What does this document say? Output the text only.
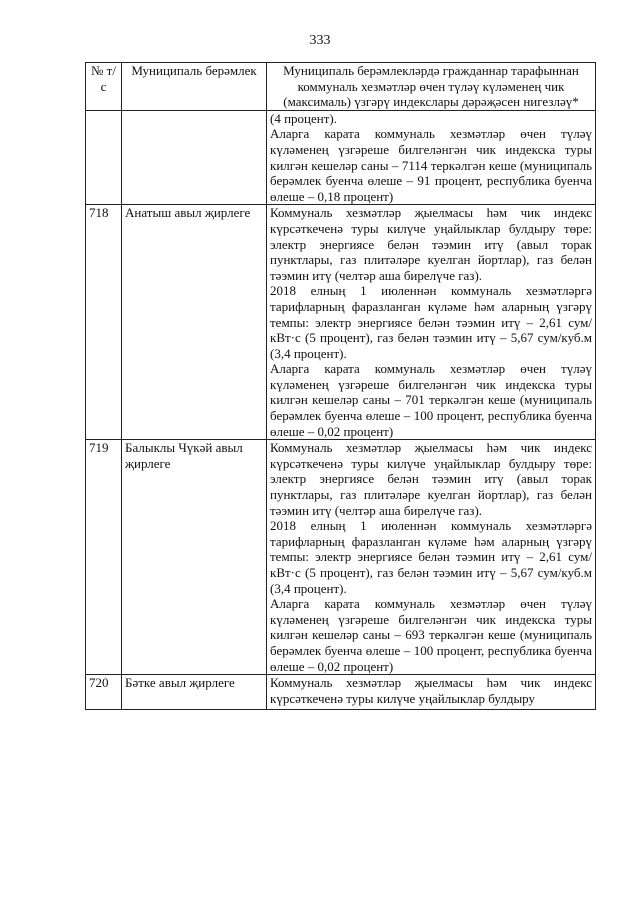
333
№ т/с	Муниципаль берәмлек	Муниципаль берәмлекләрдә гражданнар тарафыннан коммуналь хезмәтләр өчен түләү күләменең чик (максималь) үзгәрү индекслары дәрәҗәсен нигезләү*

		(4 процент).

Аларга карата коммуналь хезмәтләр өчен түләү күләменең үзгәреше билгеләнгән чик индекска туры килгән кешеләр саны – 7114 теркәлгән кеше (муниципаль берәмлек буенча өлеше – 91 процент, республика буенча өлеше – 0,18 процент)

718	Анатыш авыл җирлеге	Коммуналь хезмәтләр җыелмасы һәм чик индекс күрсәткеченә туры килүче уңайлыклар булдыру төре: электр энергиясе белән тәэмин итү (авыл торак пунктлары, газ плитәләре куелган йортлар), газ белән тәэмин итү (челтәр аша бирелүче газ).

2018 елның 1 июленнән коммуналь хезмәтләргә тарифларның фаразланган күләме һәм аларның үзгәрү темпы: электр энергиясе белән тәэмин итү – 2,61 сум/кВт·с (5 процент), газ белән тәэмин итү – 5,67 сум/куб.м (3,4 процент).

Аларга карата коммуналь хезмәтләр өчен түләү күләменең үзгәреше билгеләнгән чик индекска туры килгән кешеләр саны – 701 теркәлгән кеше (муниципаль берәмлек буенча өлеше – 100 процент, республика буенча өлеше – 0,02 процент)

719	Балыклы Чүкәй авыл җирлеге	Коммуналь хезмәтләр җыелмасы һәм чик индекс күрсәткеченә туры килүче уңайлыклар булдыру төре: электр энергиясе белән тәэмин итү (авыл торак пунктлары, газ плитәләре куелган йортлар), газ белән тәэмин итү (челтәр аша бирелүче газ).

2018 елның 1 июленнән коммуналь хезмәтләргә тарифларның фаразланган күләме һәм аларның үзгәрү темпы: электр энергиясе белән тәэмин итү – 2,61 сум/кВт·с (5 процент), газ белән тәэмин итү – 5,67 сум/куб.м (3,4 процент).

Аларга карата коммуналь хезмәтләр өчен түләү күләменең үзгәреше билгеләнгән чик индекска туры килгән кешеләр саны – 693 теркәлгән кеше (муниципаль берәмлек буенча өлеше – 100 процент, республика буенча өлеше – 0,02 процент)

720	Бәтке авыл җирлеге	Коммуналь хезмәтләр җыелмасы һәм чик индекс күрсәткеченә туры килүче уңайлыклар булдыру
